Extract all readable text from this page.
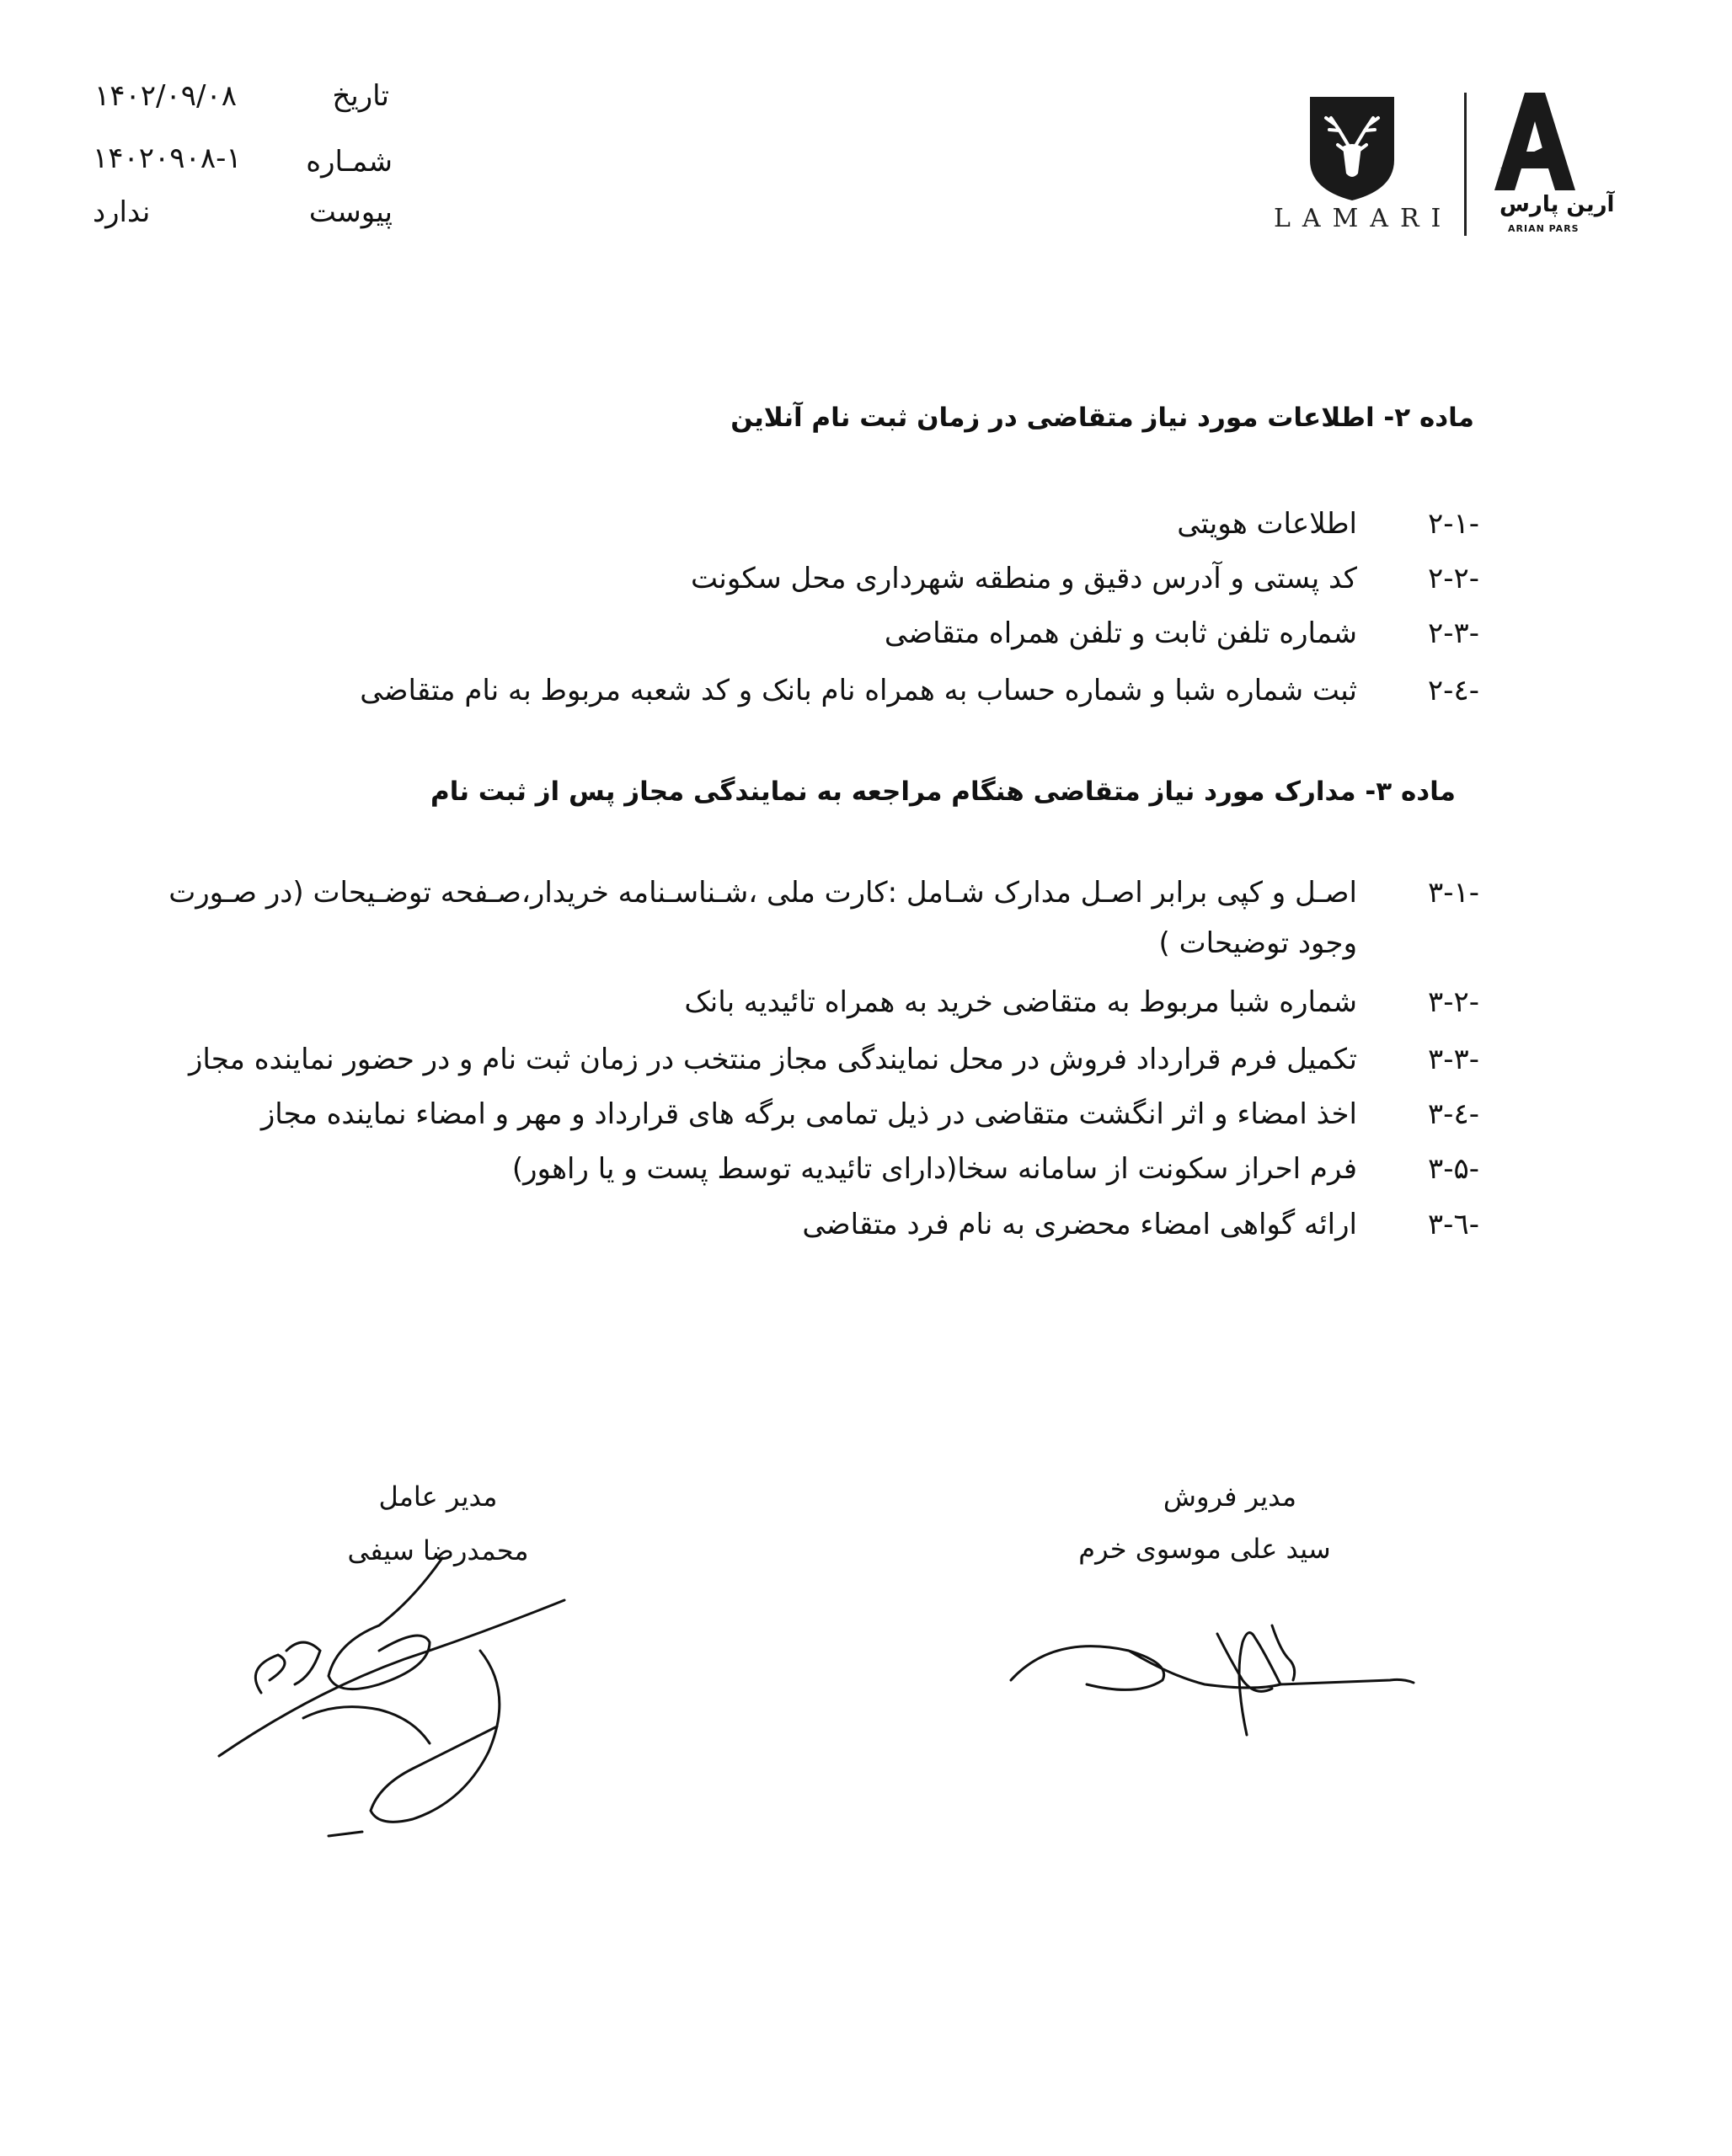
تاریخ
۱۴۰۲/۰۹/۰۸
شمـاره
۱۴۰۲۰۹۰۸-۱
پیوست
ندارد	LAMARI آرین پارس
ARIAN PARS
ماده ۲- اطلاعات مورد نیاز متقاضی در زمان ثبت نام آنلاین
۲-۱-
اطلاعات هویتی
۲-۲-
کد پستی و آدرس دقیق و منطقه شهرداری محل سکونت
۲-۳-
شماره تلفن ثابت و تلفن همراه متقاضی
۲-٤-
ثبت شماره شبا و شماره حساب به همراه نام بانک و کد شعبه مربوط به نام متقاضی
ماده ۳- مدارک مورد نیاز متقاضی هنگام مراجعه به نمایندگی مجاز پس از ثبت نام
۳-۱-
اصـل و کپی برابر اصـل مدارک شـامل :کارت ملی ،شـناسـنامه خریدار،صـفحه توضـیحات (در صـورت وجود توضیحات )
۳-۲-
شماره شبا مربوط به متقاضی خرید به همراه تائیدیه بانک
۳-۳-
تکمیل فرم قرارداد فروش در محل نمایندگی مجاز منتخب در زمان ثبت نام و در حضور نماینده مجاز
۳-٤-
اخذ امضاء و اثر انگشت متقاضی در ذیل تمامی برگه های قرارداد و مهر و امضاء نماینده مجاز
۳-۵-
فرم احراز سکونت از سامانه سخا(دارای تائیدیه توسط پست و یا راهور)
۳-٦-
ارائه گواهی امضاء محضری به نام فرد متقاضی
مدیر فروش
سید علی موسوی خرم
مدیر عامل
محمدرضا سیفی
